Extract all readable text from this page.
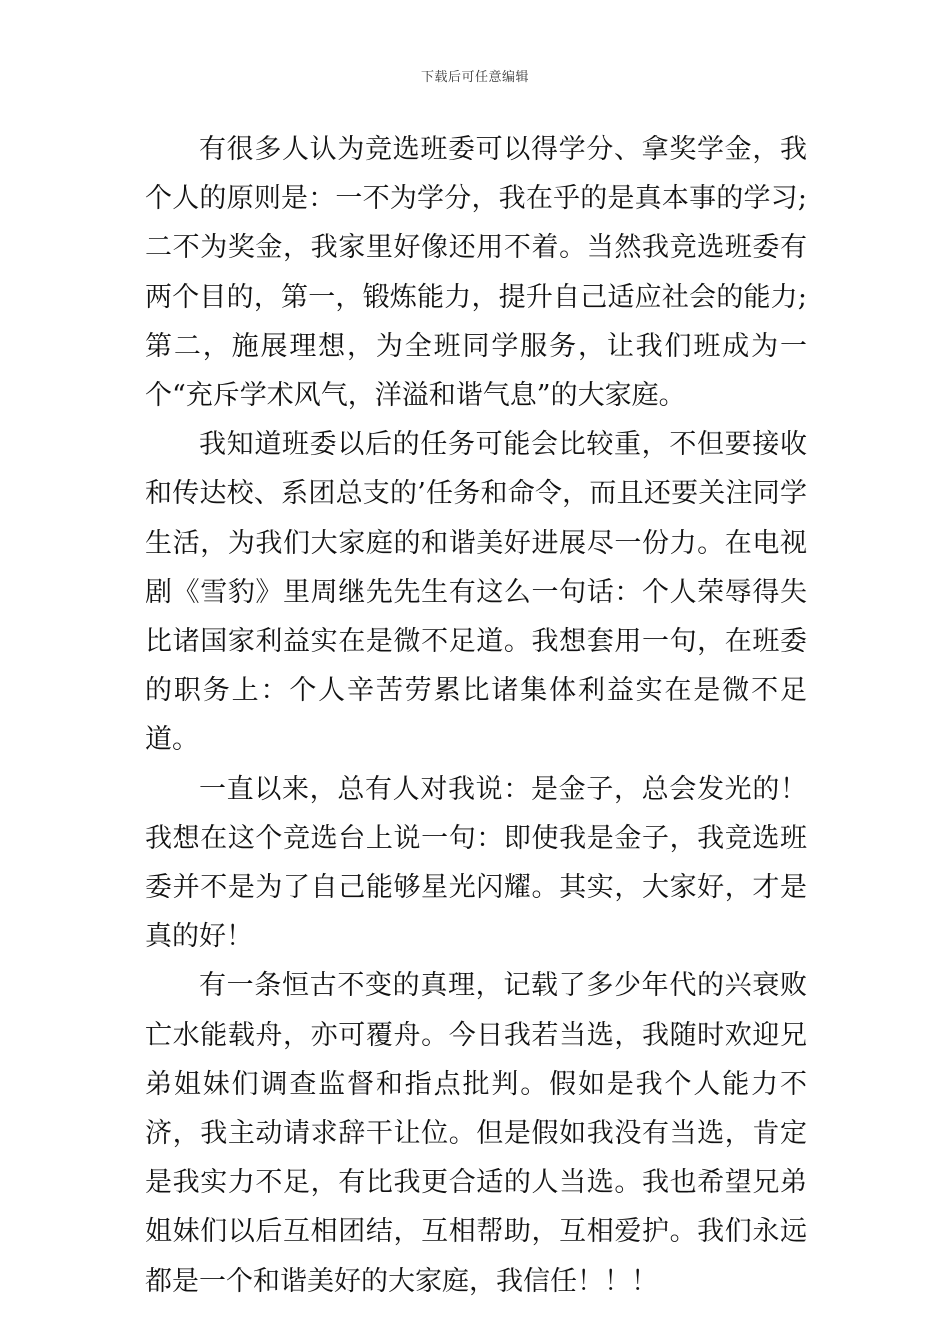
下载后可任意编辑

有很多人认为竞选班委可以得学分、拿奖学金，我个人的原则是：一不为学分，我在乎的是真本事的学习;二不为奖金，我家里好像还用不着。当然我竞选班委有两个目的，第一，锻炼能力，提升自己适应社会的能力;第二，施展理想，为全班同学服务，让我们班成为一个“充斥学术风气，洋溢和谐气息”的大家庭。

我知道班委以后的任务可能会比较重，不但要接收和传达校、系团总支的’任务和命令，而且还要关注同学生活，为我们大家庭的和谐美好进展尽一份力。在电视剧《雪豹》里周继先先生有这么一句话：个人荣辱得失比诸国家利益实在是微不足道。我想套用一句，在班委的职务上：个人辛苦劳累比诸集体利益实在是微不足道。

一直以来，总有人对我说：是金子，总会发光的！我想在这个竞选台上说一句：即使我是金子，我竞选班委并不是为了自己能够星光闪耀。其实，大家好，才是真的好！

有一条恒古不变的真理，记载了多少年代的兴衰败亡水能载舟，亦可覆舟。今日我若当选，我随时欢迎兄弟姐妹们调查监督和指点批判。假如是我个人能力不济，我主动请求辞干让位。但是假如我没有当选，肯定是我实力不足，有比我更合适的人当选。我也希望兄弟姐妹们以后互相团结，互相帮助，互相爱护。我们永远都是一个和谐美好的大家庭，我信任！！！
